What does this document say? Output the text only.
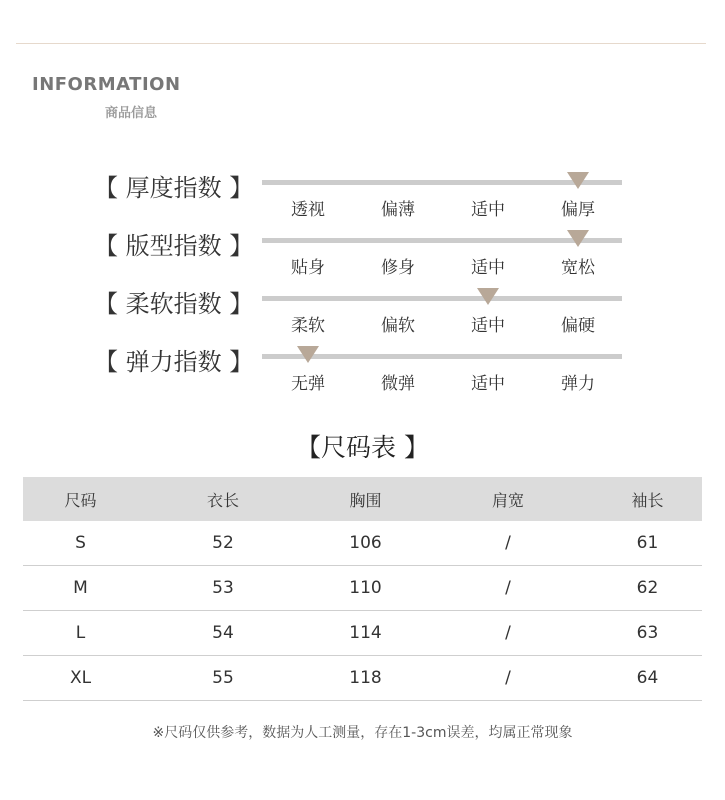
INFORMATION
商品信息
【 厚度指数 】
透视	偏薄	适中	偏厚
【 版型指数 】
贴身	修身	适中	宽松
【 柔软指数 】
柔软	偏软	适中	偏硬
【 弹力指数 】
无弹	微弹	适中	弹力
【尺码表 】
尺码	衣长	胸围	肩宽	袖长
S	52	106	/	61
M	53	110	/	62
L	54	114	/	63
XL	55	118	/	64
※尺码仅供参考，数据为人工测量，存在1-3cm误差，均属正常现象
